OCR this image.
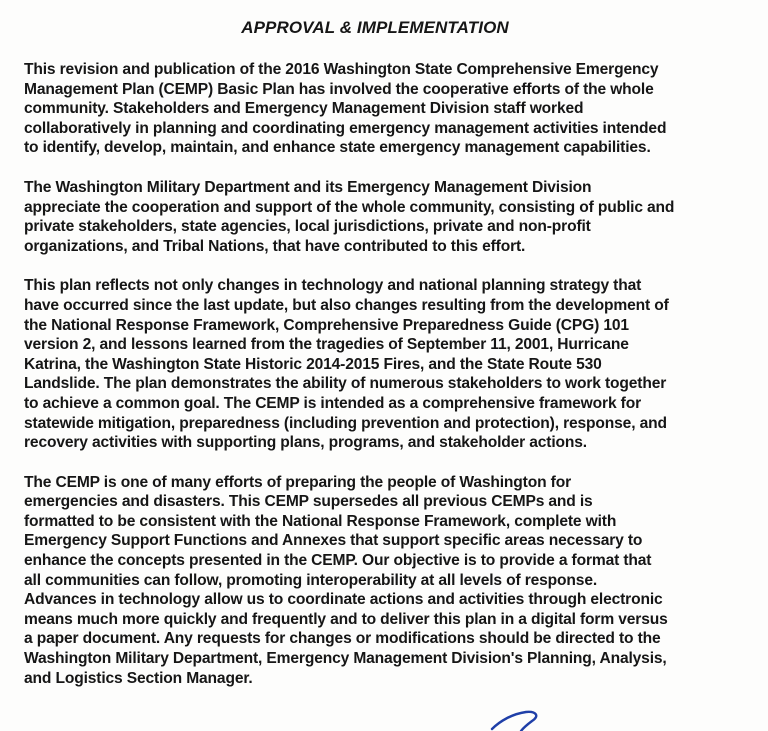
APPROVAL & IMPLEMENTATION

This revision and publication of the 2016 Washington State Comprehensive Emergency
Management Plan (CEMP) Basic Plan has involved the cooperative efforts of the whole
community. Stakeholders and Emergency Management Division staff worked
collaboratively in planning and coordinating emergency management activities intended
to identify, develop, maintain, and enhance state emergency management capabilities.

The Washington Military Department and its Emergency Management Division
appreciate the cooperation and support of the whole community, consisting of public and
private stakeholders, state agencies, local jurisdictions, private and non-profit
organizations, and Tribal Nations, that have contributed to this effort.

This plan reflects not only changes in technology and national planning strategy that
have occurred since the last update, but also changes resulting from the development of
the National Response Framework, Comprehensive Preparedness Guide (CPG) 101
version 2, and lessons learned from the tragedies of September 11, 2001, Hurricane
Katrina, the Washington State Historic 2014-2015 Fires, and the State Route 530
Landslide. The plan demonstrates the ability of numerous stakeholders to work together
to achieve a common goal. The CEMP is intended as a comprehensive framework for
statewide mitigation, preparedness (including prevention and protection), response, and
recovery activities with supporting plans, programs, and stakeholder actions.

The CEMP is one of many efforts of preparing the people of Washington for
emergencies and disasters. This CEMP supersedes all previous CEMPs and is
formatted to be consistent with the National Response Framework, complete with
Emergency Support Functions and Annexes that support specific areas necessary to
enhance the concepts presented in the CEMP. Our objective is to provide a format that
all communities can follow, promoting interoperability at all levels of response.
Advances in technology allow us to coordinate actions and activities through electronic
means much more quickly and frequently and to deliver this plan in a digital form versus
a paper document. Any requests for changes or modifications should be directed to the
Washington Military Department, Emergency Management Division's Planning, Analysis,
and Logistics Section Manager.
